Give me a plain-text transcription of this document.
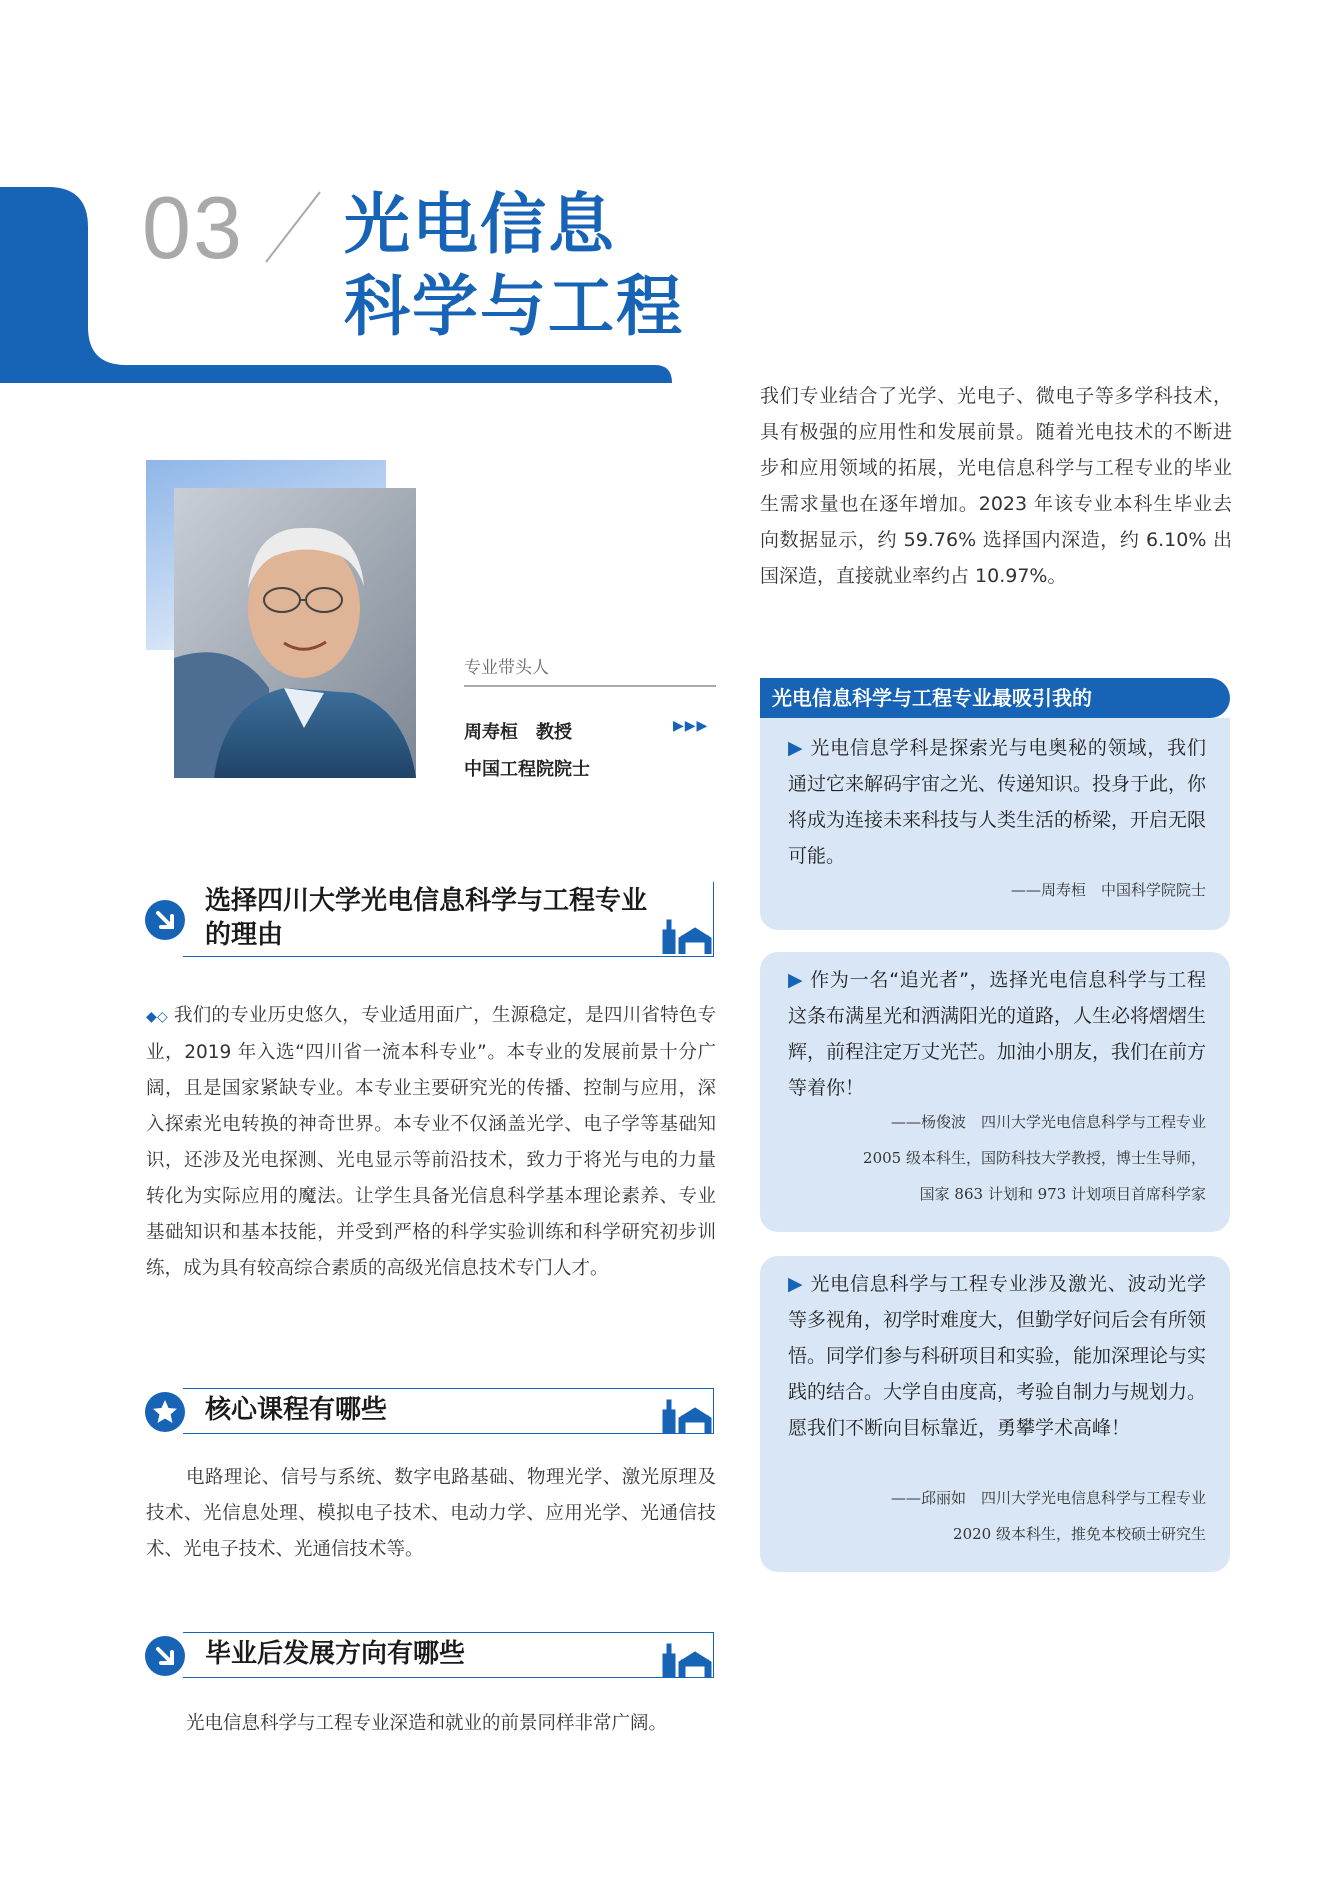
03 光电信息
科学与工程
我们专业结合了光学、光电子、微电子等多学科技术，具有极强的应用性和发展前景。随着光电技术的不断进步和应用领域的拓展，光电信息科学与工程专业的毕业生需求量也在逐年增加。2023 年该专业本科生毕业去向数据显示，约 59.76% 选择国内深造，约 6.10% 出国深造，直接就业率约占 10.97%。
专业带头人
周寿桓　教授	▶▶▶
中国工程院院士
选择四川大学光电信息科学与工程专业
的理由
◆◇ 我们的专业历史悠久，专业适用面广，生源稳定，是四川省特色专业，2019 年入选“四川省一流本科专业”。本专业的发展前景十分广阔，且是国家紧缺专业。本专业主要研究光的传播、控制与应用，深入探索光电转换的神奇世界。本专业不仅涵盖光学、电子学等基础知识，还涉及光电探测、光电显示等前沿技术，致力于将光与电的力量转化为实际应用的魔法。让学生具备光信息科学基本理论素养、专业基础知识和基本技能，并受到严格的科学实验训练和科学研究初步训练，成为具有较高综合素质的高级光信息技术专门人才。
核心课程有哪些
电路理论、信号与系统、数字电路基础、物理光学、激光原理及技术、光信息处理、模拟电子技术、电动力学、应用光学、光通信技术、光电子技术、光通信技术等。
毕业后发展方向有哪些
光电信息科学与工程专业深造和就业的前景同样非常广阔。
光电信息科学与工程专业最吸引我的
▶ 光电信息学科是探索光与电奥秘的领域，我们通过它来解码宇宙之光、传递知识。投身于此，你将成为连接未来科技与人类生活的桥梁，开启无限可能。
——周寿桓　中国科学院院士
▶ 作为一名“追光者”，选择光电信息科学与工程这条布满星光和洒满阳光的道路，人生必将熠熠生辉，前程注定万丈光芒。加油小朋友，我们在前方等着你！
——杨俊波　四川大学光电信息科学与工程专业
2005 级本科生，国防科技大学教授，博士生导师，
国家 863 计划和 973 计划项目首席科学家
▶ 光电信息科学与工程专业涉及激光、波动光学等多视角，初学时难度大，但勤学好问后会有所领悟。同学们参与科研项目和实验，能加深理论与实践的结合。大学自由度高，考验自制力与规划力。愿我们不断向目标靠近，勇攀学术高峰！
——邱丽如　四川大学光电信息科学与工程专业
2020 级本科生，推免本校硕士研究生
